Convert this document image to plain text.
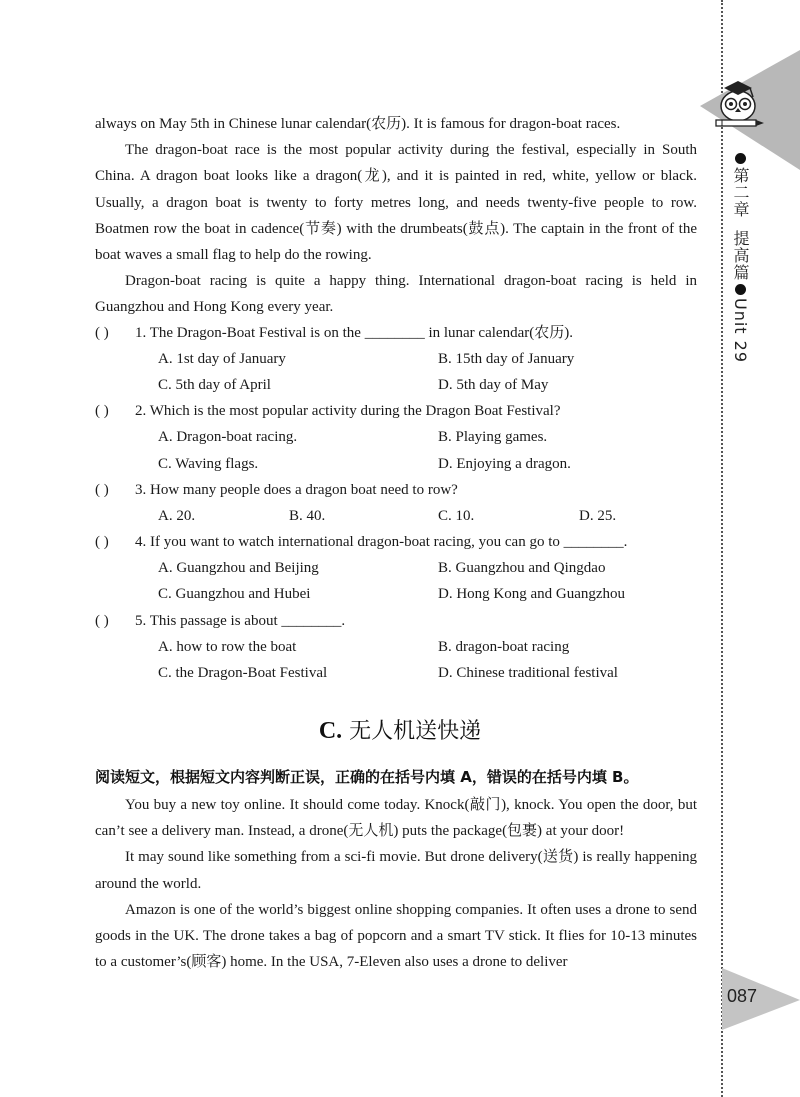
第二章提高篇Unit 29
087

always on May 5th in Chinese lunar calendar(农历). It is famous for dragon-boat races.

The dragon-boat race is the most popular activity during the festival, especially in South China. A dragon boat looks like a dragon(龙), and it is painted in red, white, yellow or black. Usually, a dragon boat is twenty to forty metres long, and needs twenty-five people to row. Boatmen row the boat in cadence(节奏) with the drumbeats(鼓点). The captain in the front of the boat waves a small flag to help do the rowing.

Dragon-boat racing is quite a happy thing. International dragon-boat racing is held in Guangzhou and Hong Kong every year.

( ) 1. The Dragon-Boat Festival is on the ________ in lunar calendar(农历).
A. 1st day of January	B. 15th day of January
C. 5th day of April	D. 5th day of May
( ) 2. Which is the most popular activity during the Dragon Boat Festival?
A. Dragon-boat racing.	B. Playing games.
C. Waving flags.	D. Enjoying a dragon.
( ) 3. How many people does a dragon boat need to row?
A. 20.	B. 40.	C. 10.	D. 25.
( ) 4. If you want to watch international dragon-boat racing, you can go to ________.
A. Guangzhou and Beijing	B. Guangzhou and Qingdao
C. Guangzhou and Hubei	D. Hong Kong and Guangzhou
( ) 5. This passage is about ________.
A. how to row the boat	B. dragon-boat racing
C. the Dragon-Boat Festival	D. Chinese traditional festival
C. 无人机送快递
阅读短文，根据短文内容判断正误，正确的在括号内填 A，错误的在括号内填 B。

You buy a new toy online. It should come today. Knock(敲门), knock. You open the door, but can’t see a delivery man. Instead, a drone(无人机) puts the package(包裹) at your door!

It may sound like something from a sci-fi movie. But drone delivery(送货) is really happening around the world.

Amazon is one of the world’s biggest online shopping companies. It often uses a drone to send goods in the UK. The drone takes a bag of popcorn and a smart TV stick. It flies for 10-13 minutes to a customer’s(顾客) home. In the USA, 7-Eleven also uses a drone to deliver
